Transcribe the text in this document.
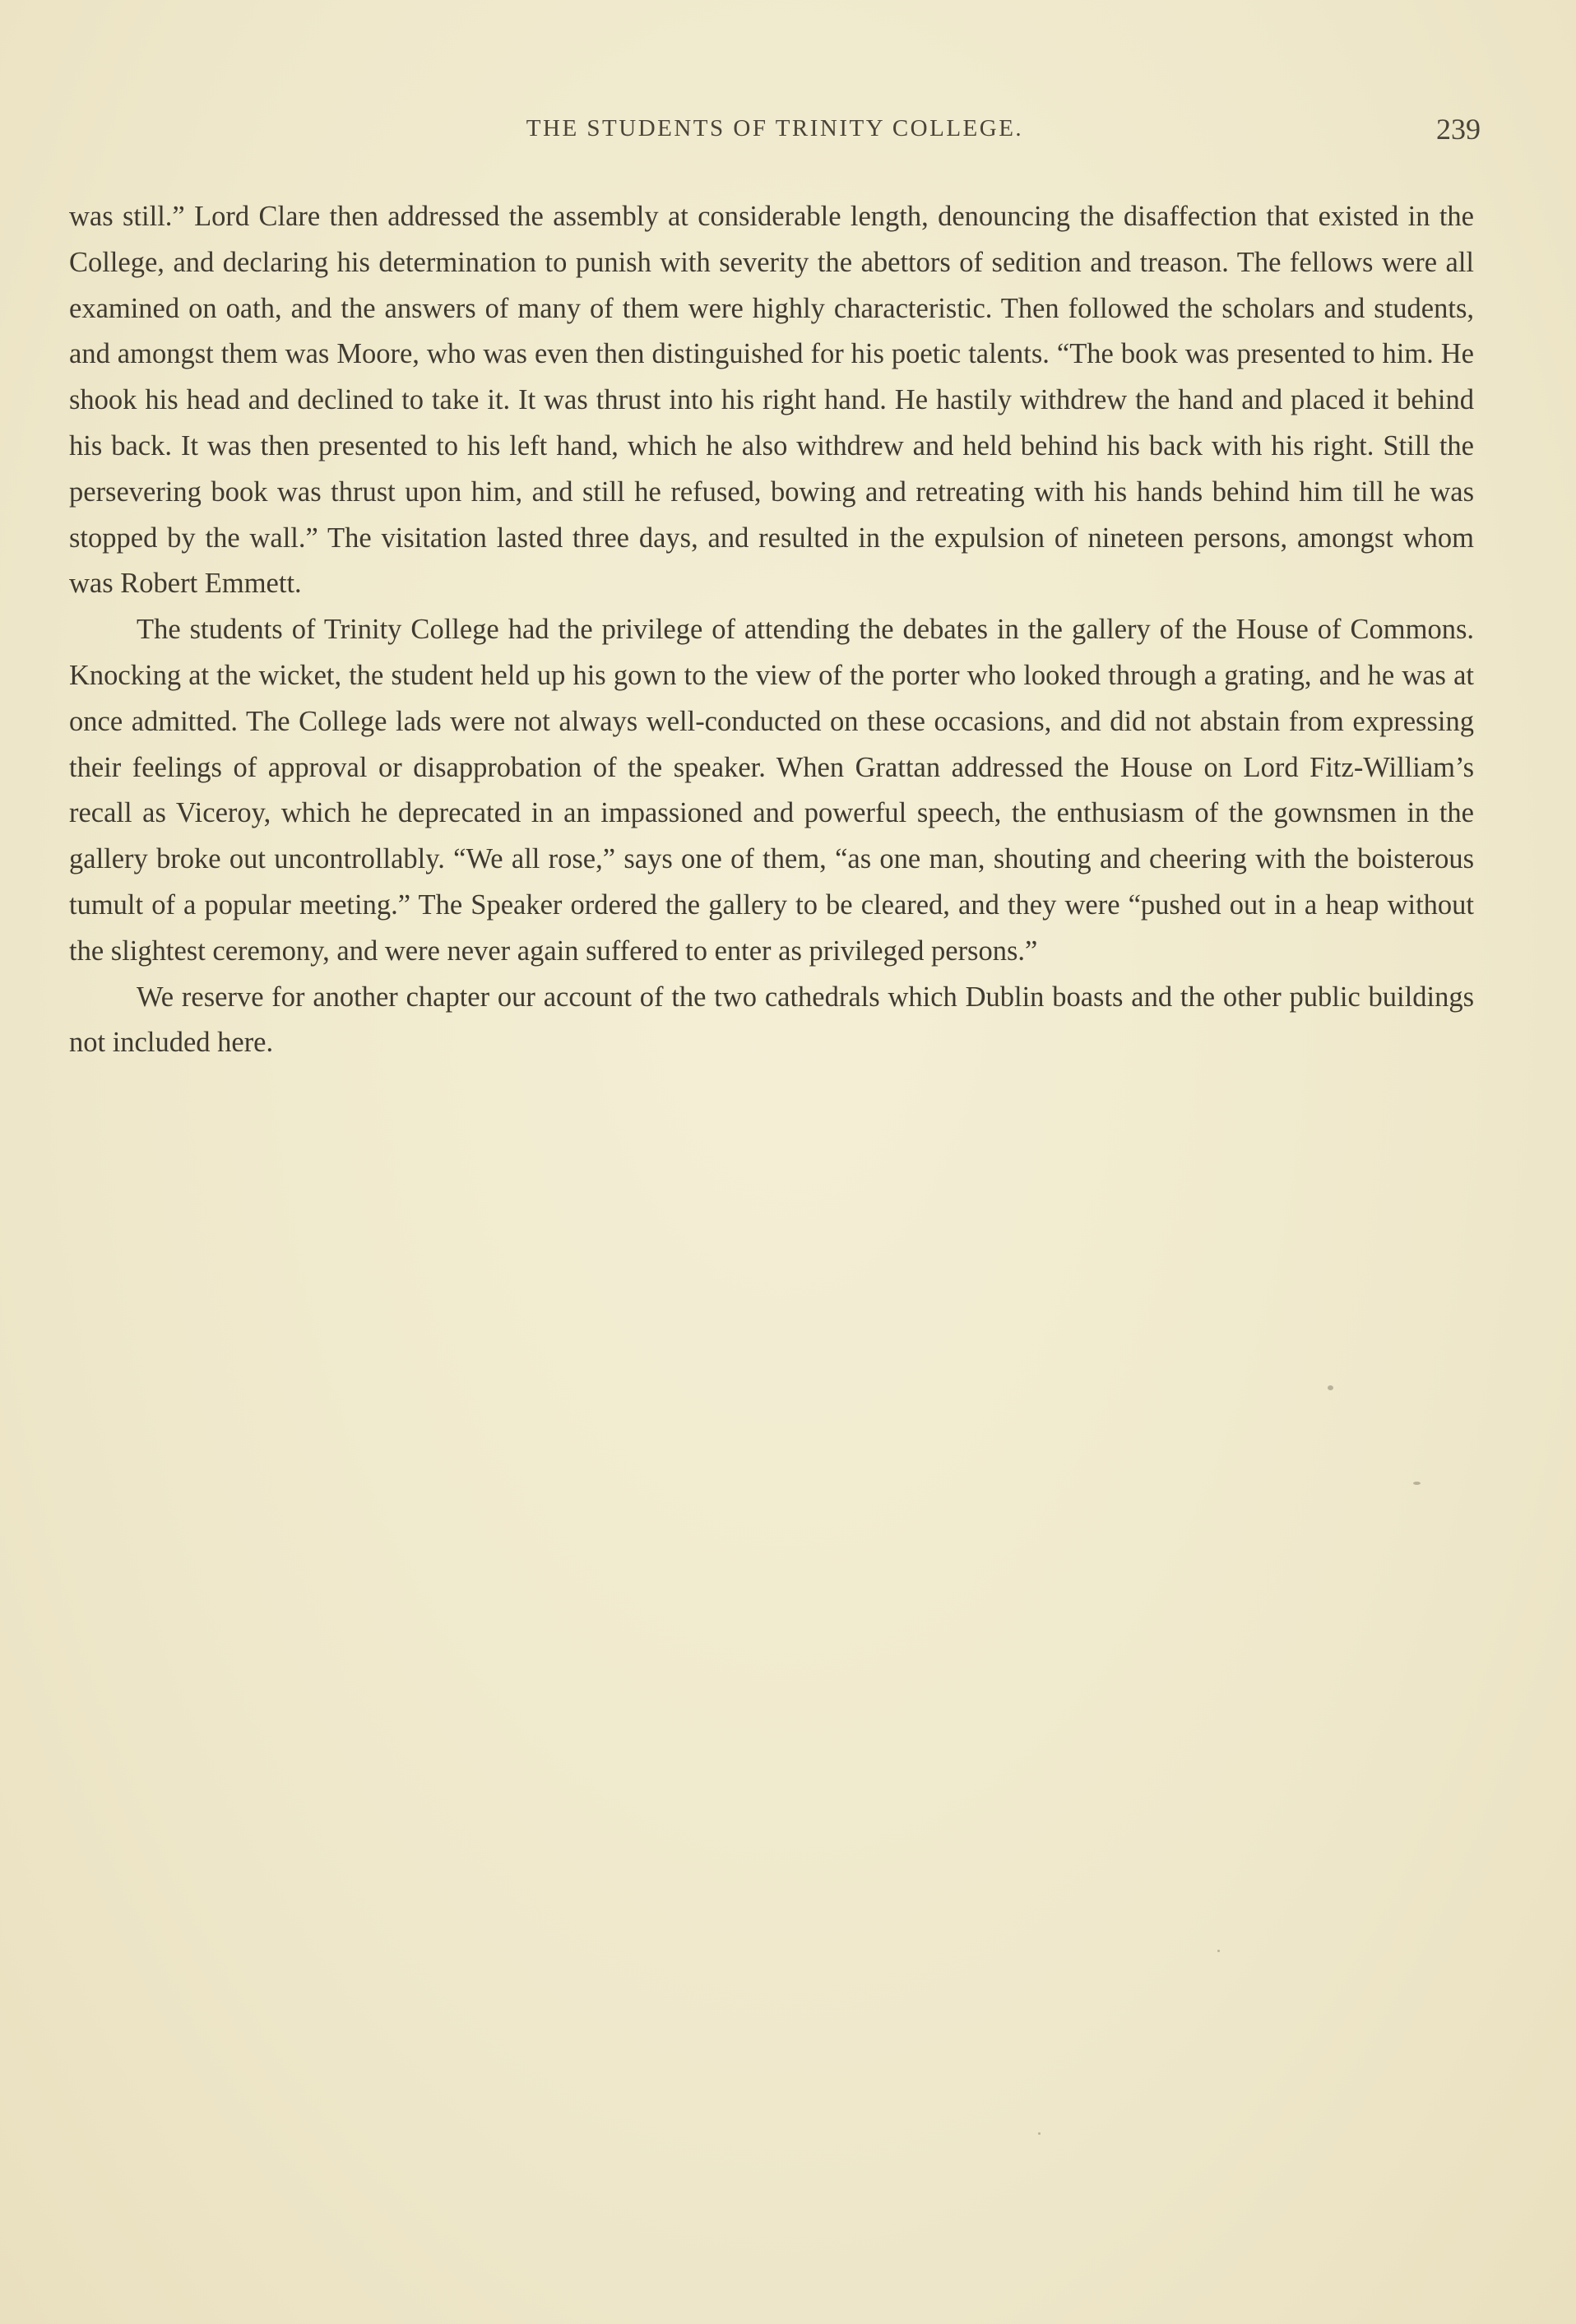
THE STUDENTS OF TRINITY COLLEGE.	239

was still.” Lord Clare then addressed the assembly at considerable length, denouncing the disaffection that existed in the College, and declaring his determination to punish with severity the abettors of sedition and treason. The fellows were all examined on oath, and the answers of many of them were highly characteristic. Then followed the scholars and students, and amongst them was Moore, who was even then distinguished for his poetic talents. “The book was presented to him. He shook his head and declined to take it. It was thrust into his right hand. He hastily withdrew the hand and placed it behind his back. It was then presented to his left hand, which he also withdrew and held behind his back with his right. Still the persevering book was thrust upon him, and still he refused, bowing and retreating with his hands behind him till he was stopped by the wall.” The visitation lasted three days, and resulted in the expulsion of nineteen persons, amongst whom was Robert Emmett.

The students of Trinity College had the privilege of attending the debates in the gallery of the House of Commons. Knocking at the wicket, the student held up his gown to the view of the porter who looked through a grating, and he was at once admitted. The College lads were not always well-conducted on these occasions, and did not abstain from expressing their feelings of approval or disapprobation of the speaker. When Grattan addressed the House on Lord Fitz-William’s recall as Viceroy, which he deprecated in an impassioned and powerful speech, the enthusiasm of the gownsmen in the gallery broke out uncontrollably. “We all rose,” says one of them, “as one man, shouting and cheering with the boisterous tumult of a popular meeting.” The Speaker ordered the gallery to be cleared, and they were “pushed out in a heap without the slightest ceremony, and were never again suffered to enter as privileged persons.”

We reserve for another chapter our account of the two cathedrals which Dublin boasts and the other public buildings not included here.
